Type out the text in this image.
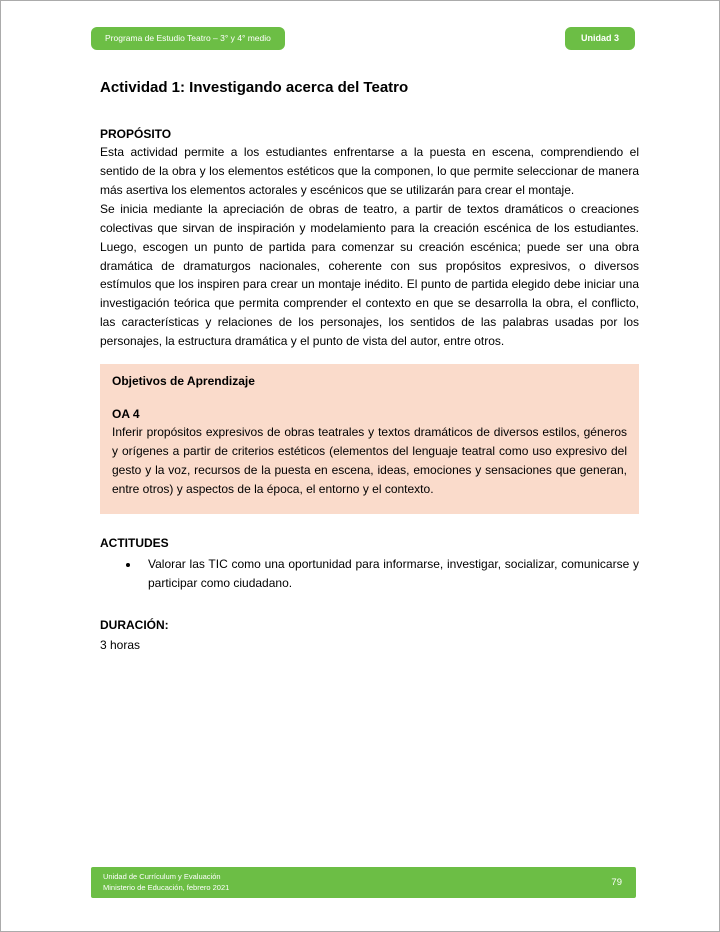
Programa de Estudio Teatro – 3° y 4° medio	Unidad 3
Actividad 1: Investigando acerca del Teatro
PROPÓSITO

Esta actividad permite a los estudiantes enfrentarse a la puesta en escena, comprendiendo el sentido de la obra y los elementos estéticos que la componen, lo que permite seleccionar de manera más asertiva los elementos actorales y escénicos que se utilizarán para crear el montaje.

Se inicia mediante la apreciación de obras de teatro, a partir de textos dramáticos o creaciones colectivas que sirvan de inspiración y modelamiento para la creación escénica de los estudiantes. Luego, escogen un punto de partida para comenzar su creación escénica; puede ser una obra dramática de dramaturgos nacionales, coherente con sus propósitos expresivos, o diversos estímulos que los inspiren para crear un montaje inédito. El punto de partida elegido debe iniciar una investigación teórica que permita comprender el contexto en que se desarrolla la obra, el conflicto, las características y relaciones de los personajes, los sentidos de las palabras usadas por los personajes, la estructura dramática y el punto de vista del autor, entre otros.

Objetivos de Aprendizaje
OA 4

Inferir propósitos expresivos de obras teatrales y textos dramáticos de diversos estilos, géneros y orígenes a partir de criterios estéticos (elementos del lenguaje teatral como uso expresivo del gesto y la voz, recursos de la puesta en escena, ideas, emociones y sensaciones que generan, entre otros) y aspectos de la época, el entorno y el contexto.

ACTITUDES
• Valorar las TIC como una oportunidad para informarse, investigar, socializar, comunicarse y participar como ciudadano.
DURACIÓN:
3 horas
Unidad de Currículum y Evaluación
Ministerio de Educación, febrero 2021	79
